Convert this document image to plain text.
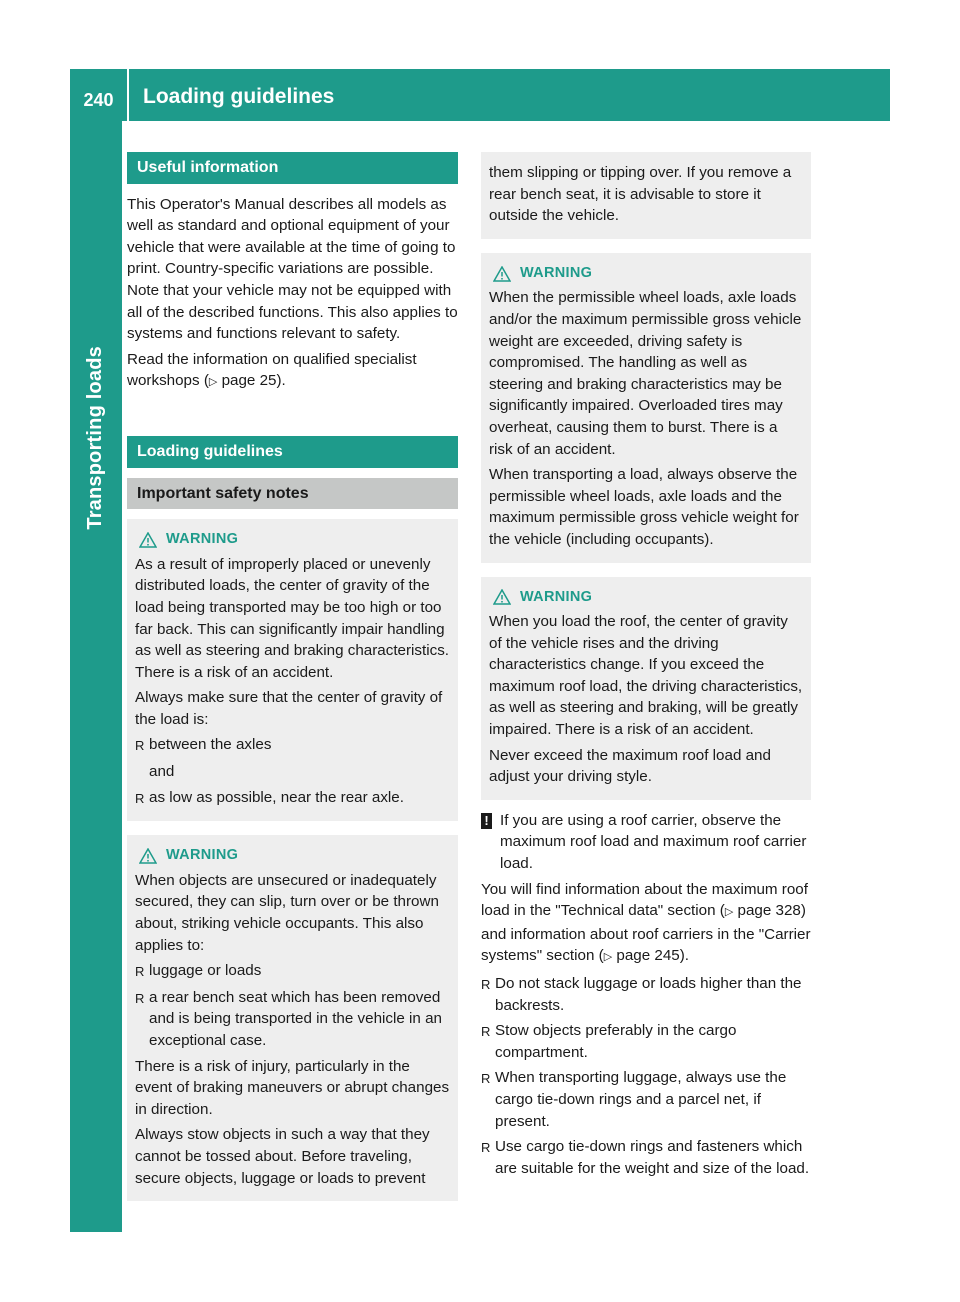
240	Loading guidelines
Transporting loads
Useful information

This Operator's Manual describes all models as well as standard and optional equipment of your vehicle that were available at the time of going to print. Country-specific variations are possible. Note that your vehicle may not be equipped with all of the described functions. This also applies to systems and functions relevant to safety.

Read the information on qualified specialist workshops (▷ page 25).

Loading guidelines
Important safety notes
WARNING

As a result of improperly placed or unevenly distributed loads, the center of gravity of the load being transported may be too high or too far back. This can significantly impair handling as well as steering and braking characteristics. There is a risk of an accident.

Always make sure that the center of gravity of the load is:

R between the axles
and
R as low as possible, near the rear axle.
WARNING

When objects are unsecured or inadequately secured, they can slip, turn over or be thrown about, striking vehicle occupants. This also applies to:

R luggage or loads
R a rear bench seat which has been removed and is being transported in the vehicle in an exceptional case.

There is a risk of injury, particularly in the event of braking maneuvers or abrupt changes in direction.

Always stow objects in such a way that they cannot be tossed about. Before traveling, secure objects, luggage or loads to prevent

them slipping or tipping over. If you remove a rear bench seat, it is advisable to store it outside the vehicle.

WARNING

When the permissible wheel loads, axle loads and/or the maximum permissible gross vehicle weight are exceeded, driving safety is compromised. The handling as well as steering and braking characteristics may be significantly impaired. Overloaded tires may overheat, causing them to burst. There is a risk of an accident.

When transporting a load, always observe the permissible wheel loads, axle loads and the maximum permissible gross vehicle weight for the vehicle (including occupants).

WARNING

When you load the roof, the center of gravity of the vehicle rises and the driving characteristics change. If you exceed the maximum roof load, the driving characteristics, as well as steering and braking, will be greatly impaired. There is a risk of an accident.

Never exceed the maximum roof load and adjust your driving style.

! If you are using a roof carrier, observe the maximum roof load and maximum roof carrier load.

You will find information about the maximum roof load in the "Technical data" section (▷ page 328) and information about roof carriers in the "Carrier systems" section (▷ page 245).

R Do not stack luggage or loads higher than the backrests.
R Stow objects preferably in the cargo compartment.
R When transporting luggage, always use the cargo tie-down rings and a parcel net, if present.
R Use cargo tie-down rings and fasteners which are suitable for the weight and size of the load.
